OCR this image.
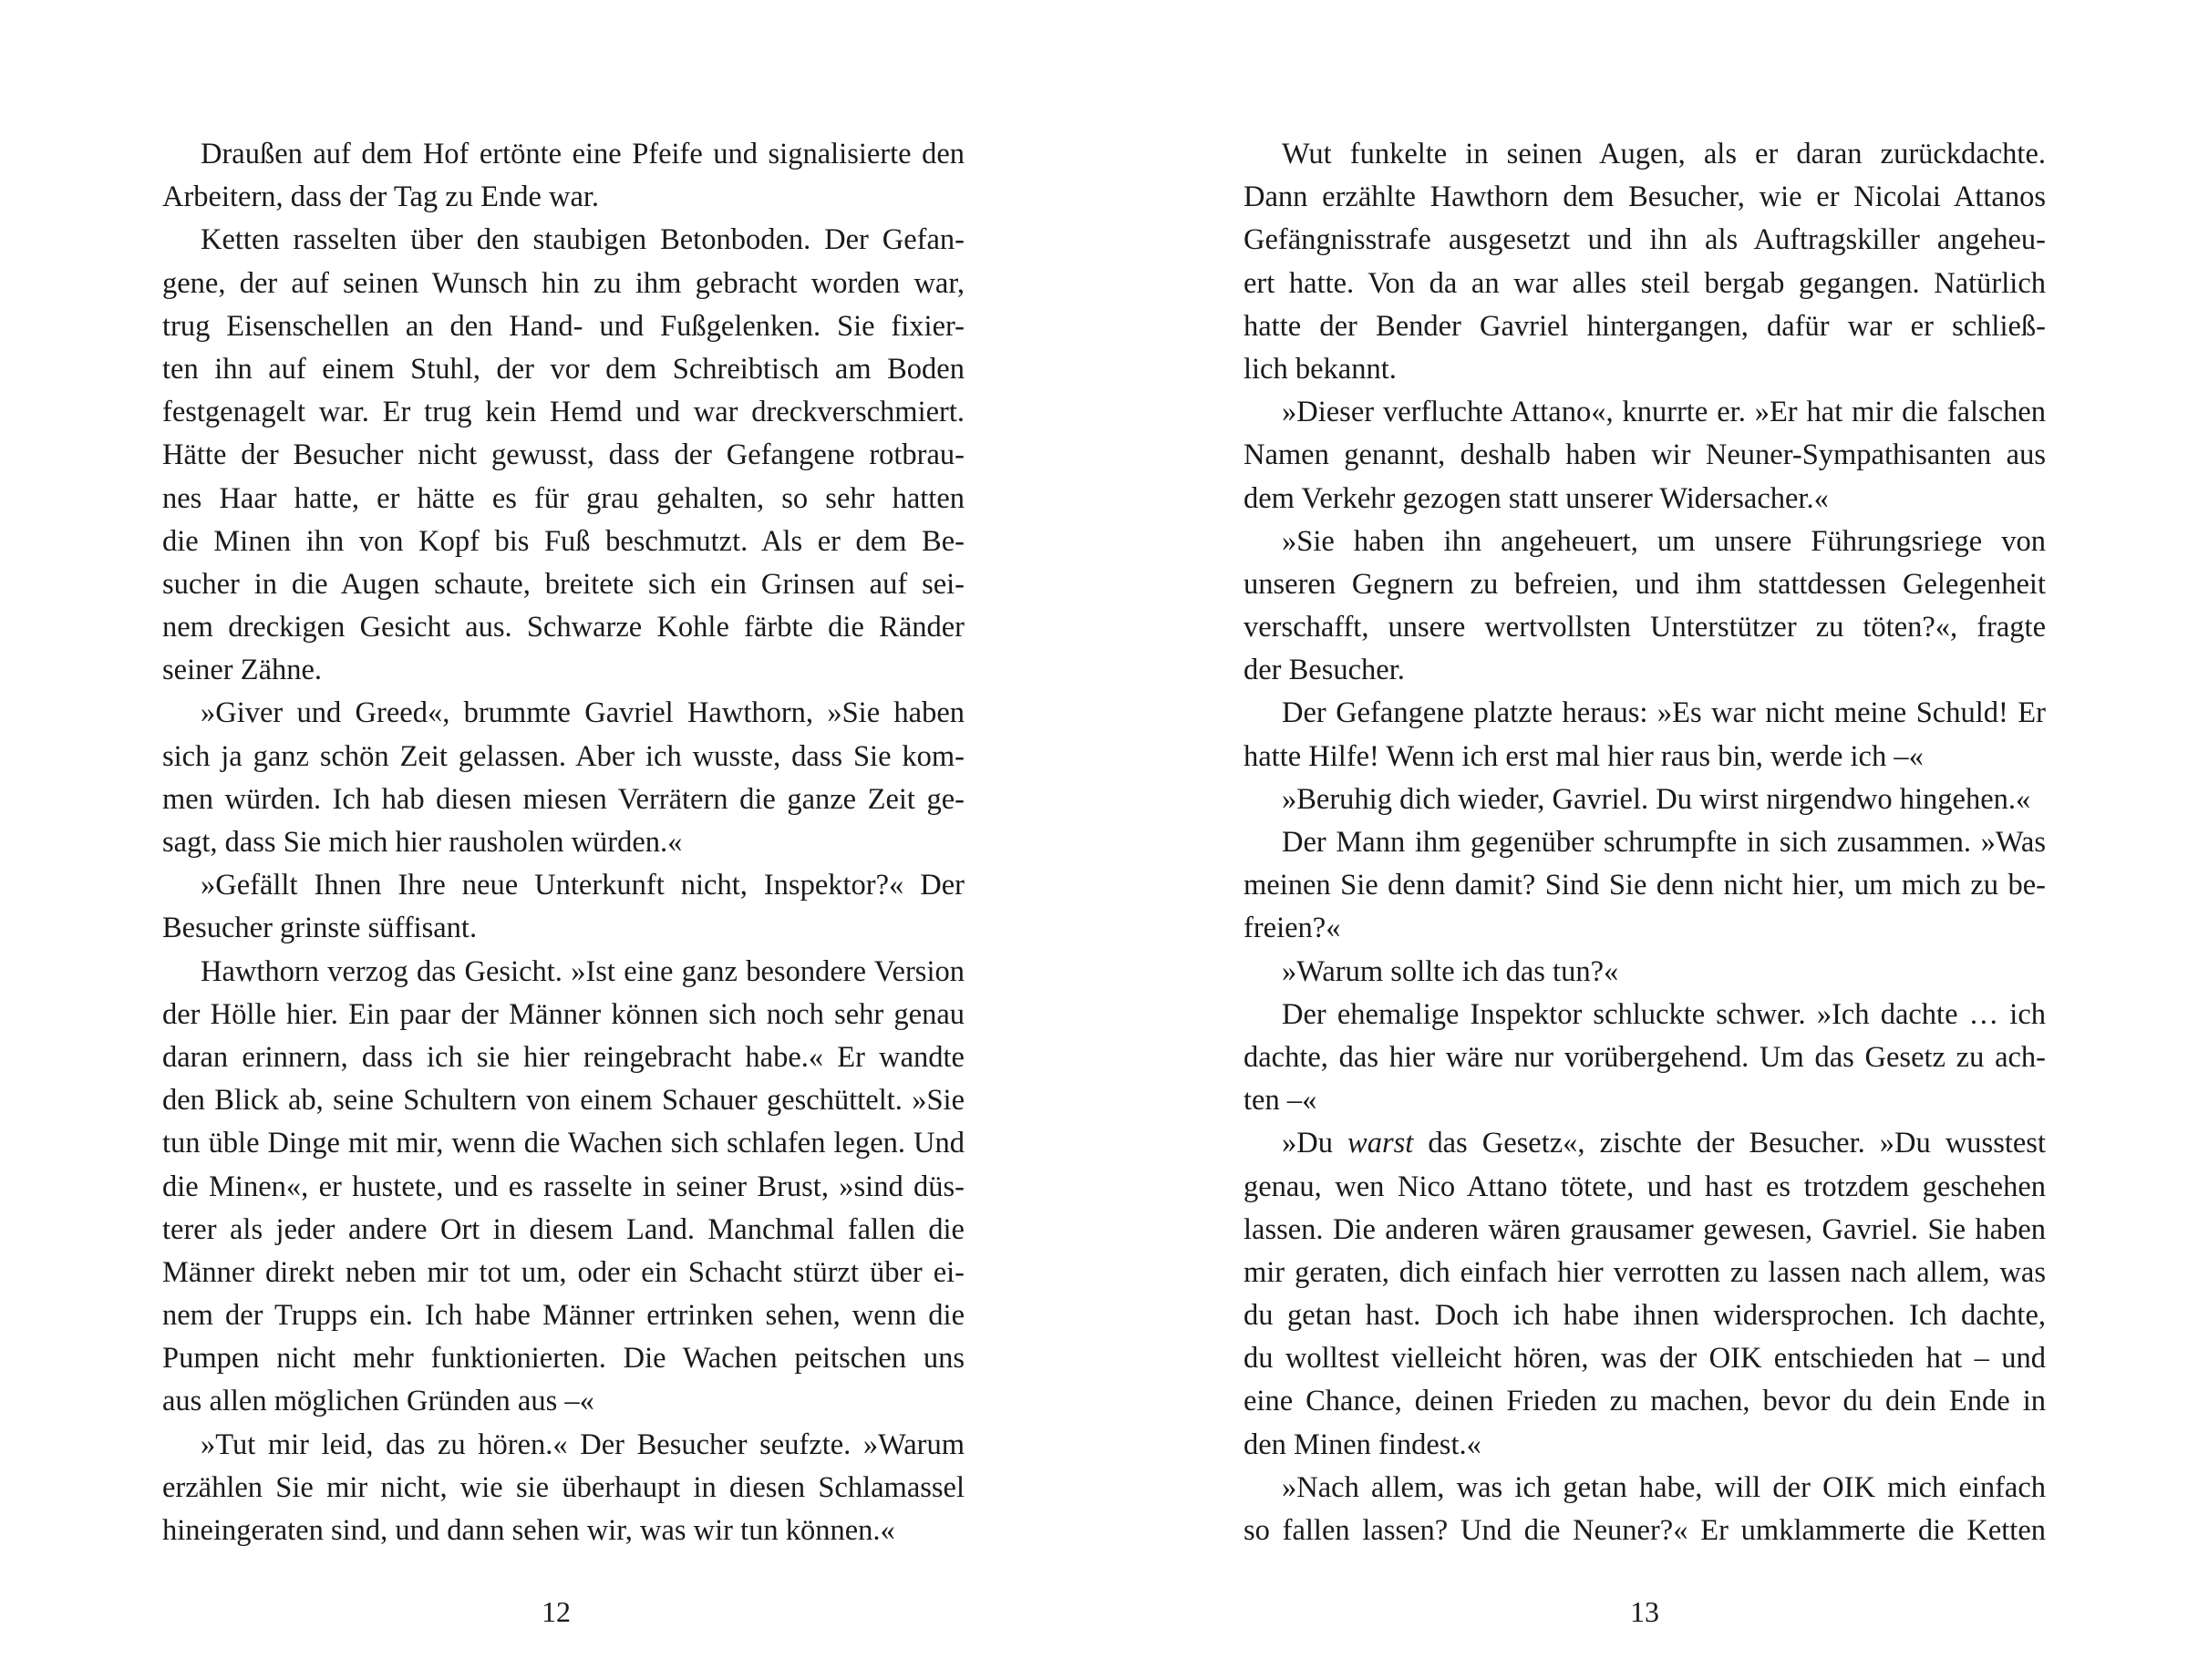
Draußen auf dem Hof ertönte eine Pfeife und signalisierte den
Arbeitern, dass der Tag zu Ende war.
Ketten rasselten über den staubigen Betonboden. Der Gefan-
gene, der auf seinen Wunsch hin zu ihm gebracht worden war,
trug Eisenschellen an den Hand- und Fußgelenken. Sie fixier-
ten ihn auf einem Stuhl, der vor dem Schreibtisch am Boden
festgenagelt war. Er trug kein Hemd und war dreckverschmiert.
Hätte der Besucher nicht gewusst, dass der Gefangene rotbrau-
nes Haar hatte, er hätte es für grau gehalten, so sehr hatten
die Minen ihn von Kopf bis Fuß beschmutzt. Als er dem Be-
sucher in die Augen schaute, breitete sich ein Grinsen auf sei-
nem dreckigen Gesicht aus. Schwarze Kohle färbte die Ränder
seiner Zähne.
»Giver und Greed«, brummte Gavriel Hawthorn, »Sie haben
sich ja ganz schön Zeit gelassen. Aber ich wusste, dass Sie kom-
men würden. Ich hab diesen miesen Verrätern die ganze Zeit ge-
sagt, dass Sie mich hier rausholen würden.«
»Gefällt Ihnen Ihre neue Unterkunft nicht, Inspektor?« Der
Besucher grinste süffisant.
Hawthorn verzog das Gesicht. »Ist eine ganz besondere Version
der Hölle hier. Ein paar der Männer können sich noch sehr genau
daran erinnern, dass ich sie hier reingebracht habe.« Er wandte
den Blick ab, seine Schultern von einem Schauer geschüttelt. »Sie
tun üble Dinge mit mir, wenn die Wachen sich schlafen legen. Und
die Minen«, er hustete, und es rasselte in seiner Brust, »sind düs-
terer als jeder andere Ort in diesem Land. Manchmal fallen die
Männer direkt neben mir tot um, oder ein Schacht stürzt über ei-
nem der Trupps ein. Ich habe Männer ertrinken sehen, wenn die
Pumpen nicht mehr funktionierten. Die Wachen peitschen uns
aus allen möglichen Gründen aus –«
»Tut mir leid, das zu hören.« Der Besucher seufzte. »Warum
erzählen Sie mir nicht, wie sie überhaupt in diesen Schlamassel
hineingeraten sind, und dann sehen wir, was wir tun können.«
12
Wut funkelte in seinen Augen, als er daran zurückdachte.
Dann erzählte Hawthorn dem Besucher, wie er Nicolai Attanos
Gefängnisstrafe ausgesetzt und ihn als Auftragskiller angeheu-
ert hatte. Von da an war alles steil bergab gegangen. Natürlich
hatte der Bender Gavriel hintergangen, dafür war er schließ-
lich bekannt.
»Dieser verfluchte Attano«, knurrte er. »Er hat mir die falschen
Namen genannt, deshalb haben wir Neuner-Sympathisanten aus
dem Verkehr gezogen statt unserer Widersacher.«
»Sie haben ihn angeheuert, um unsere Führungsriege von
unseren Gegnern zu befreien, und ihm stattdessen Gelegenheit
verschafft, unsere wertvollsten Unterstützer zu töten?«, fragte
der Besucher.
Der Gefangene platzte heraus: »Es war nicht meine Schuld! Er
hatte Hilfe! Wenn ich erst mal hier raus bin, werde ich –«
»Beruhig dich wieder, Gavriel. Du wirst nirgendwo hingehen.«
Der Mann ihm gegenüber schrumpfte in sich zusammen. »Was
meinen Sie denn damit? Sind Sie denn nicht hier, um mich zu be-
freien?«
»Warum sollte ich das tun?«
Der ehemalige Inspektor schluckte schwer. »Ich dachte … ich
dachte, das hier wäre nur vorübergehend. Um das Gesetz zu ach-
ten –«
»Du warst das Gesetz«, zischte der Besucher. »Du wusstest
genau, wen Nico Attano tötete, und hast es trotzdem geschehen
lassen. Die anderen wären grausamer gewesen, Gavriel. Sie haben
mir geraten, dich einfach hier verrotten zu lassen nach allem, was
du getan hast. Doch ich habe ihnen widersprochen. Ich dachte,
du wolltest vielleicht hören, was der OIK entschieden hat – und
eine Chance, deinen Frieden zu machen, bevor du dein Ende in
den Minen findest.«
»Nach allem, was ich getan habe, will der OIK mich einfach
so fallen lassen? Und die Neuner?« Er umklammerte die Ketten
13
